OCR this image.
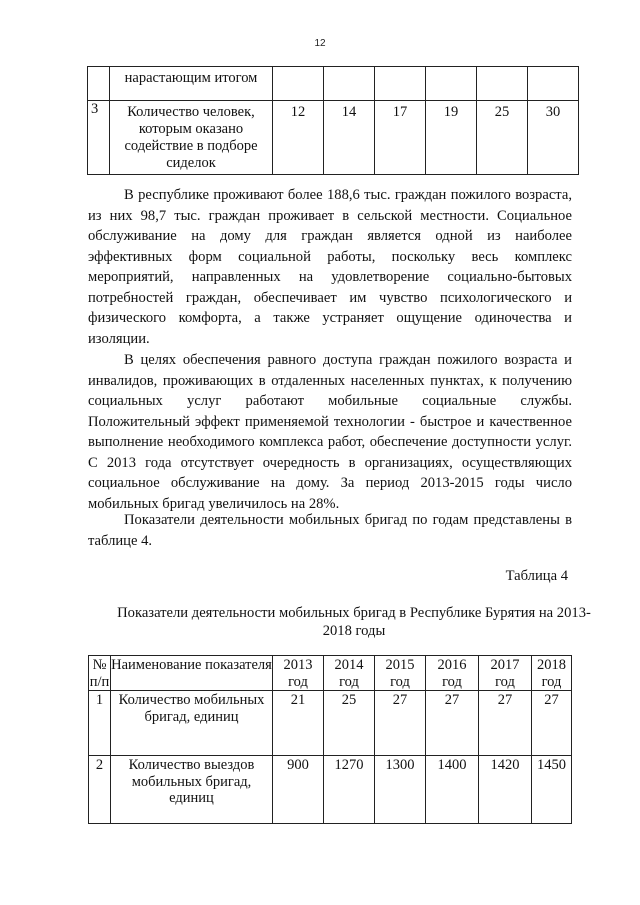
12
	нарастающим итогом						
3	Количество человек, которым оказано содействие в подборе сиделок	12	14	17	19	25	30

В республике проживают более 188,6 тыс. граждан пожилого возраста, из них 98,7 тыс. граждан проживает в сельской местности. Социальное обслуживание на дому для граждан является одной из наиболее эффективных форм социальной работы, поскольку весь комплекс мероприятий, направленных на удовлетворение социально-бытовых потребностей граждан, обеспечивает им чувство психологического и физического комфорта, а также устраняет ощущение одиночества и изоляции.

В целях обеспечения равного доступа граждан пожилого возраста и инвалидов, проживающих в отдаленных населенных пунктах, к получению социальных услуг работают мобильные социальные службы. Положительный эффект применяемой технологии - быстрое и качественное выполнение необходимого комплекса работ, обеспечение доступности услуг. С 2013 года отсутствует очередность в организациях, осуществляющих социальное обслуживание на дому. За период 2013-2015 годы число мобильных бригад увеличилось на 28%.

Показатели деятельности мобильных бригад по годам представлены в таблице 4.

Таблица 4
Показатели деятельности мобильных бригад в Республике Бурятия на 2013-2018 годы
№ п/п	Наименование показателя	2013 год	2014 год	2015 год	2016 год	2017 год	2018 год
1	Количество мобильных бригад, единиц	21	25	27	27	27	27
2	Количество выездов мобильных бригад, единиц	900	1270	1300	1400	1420	1450
